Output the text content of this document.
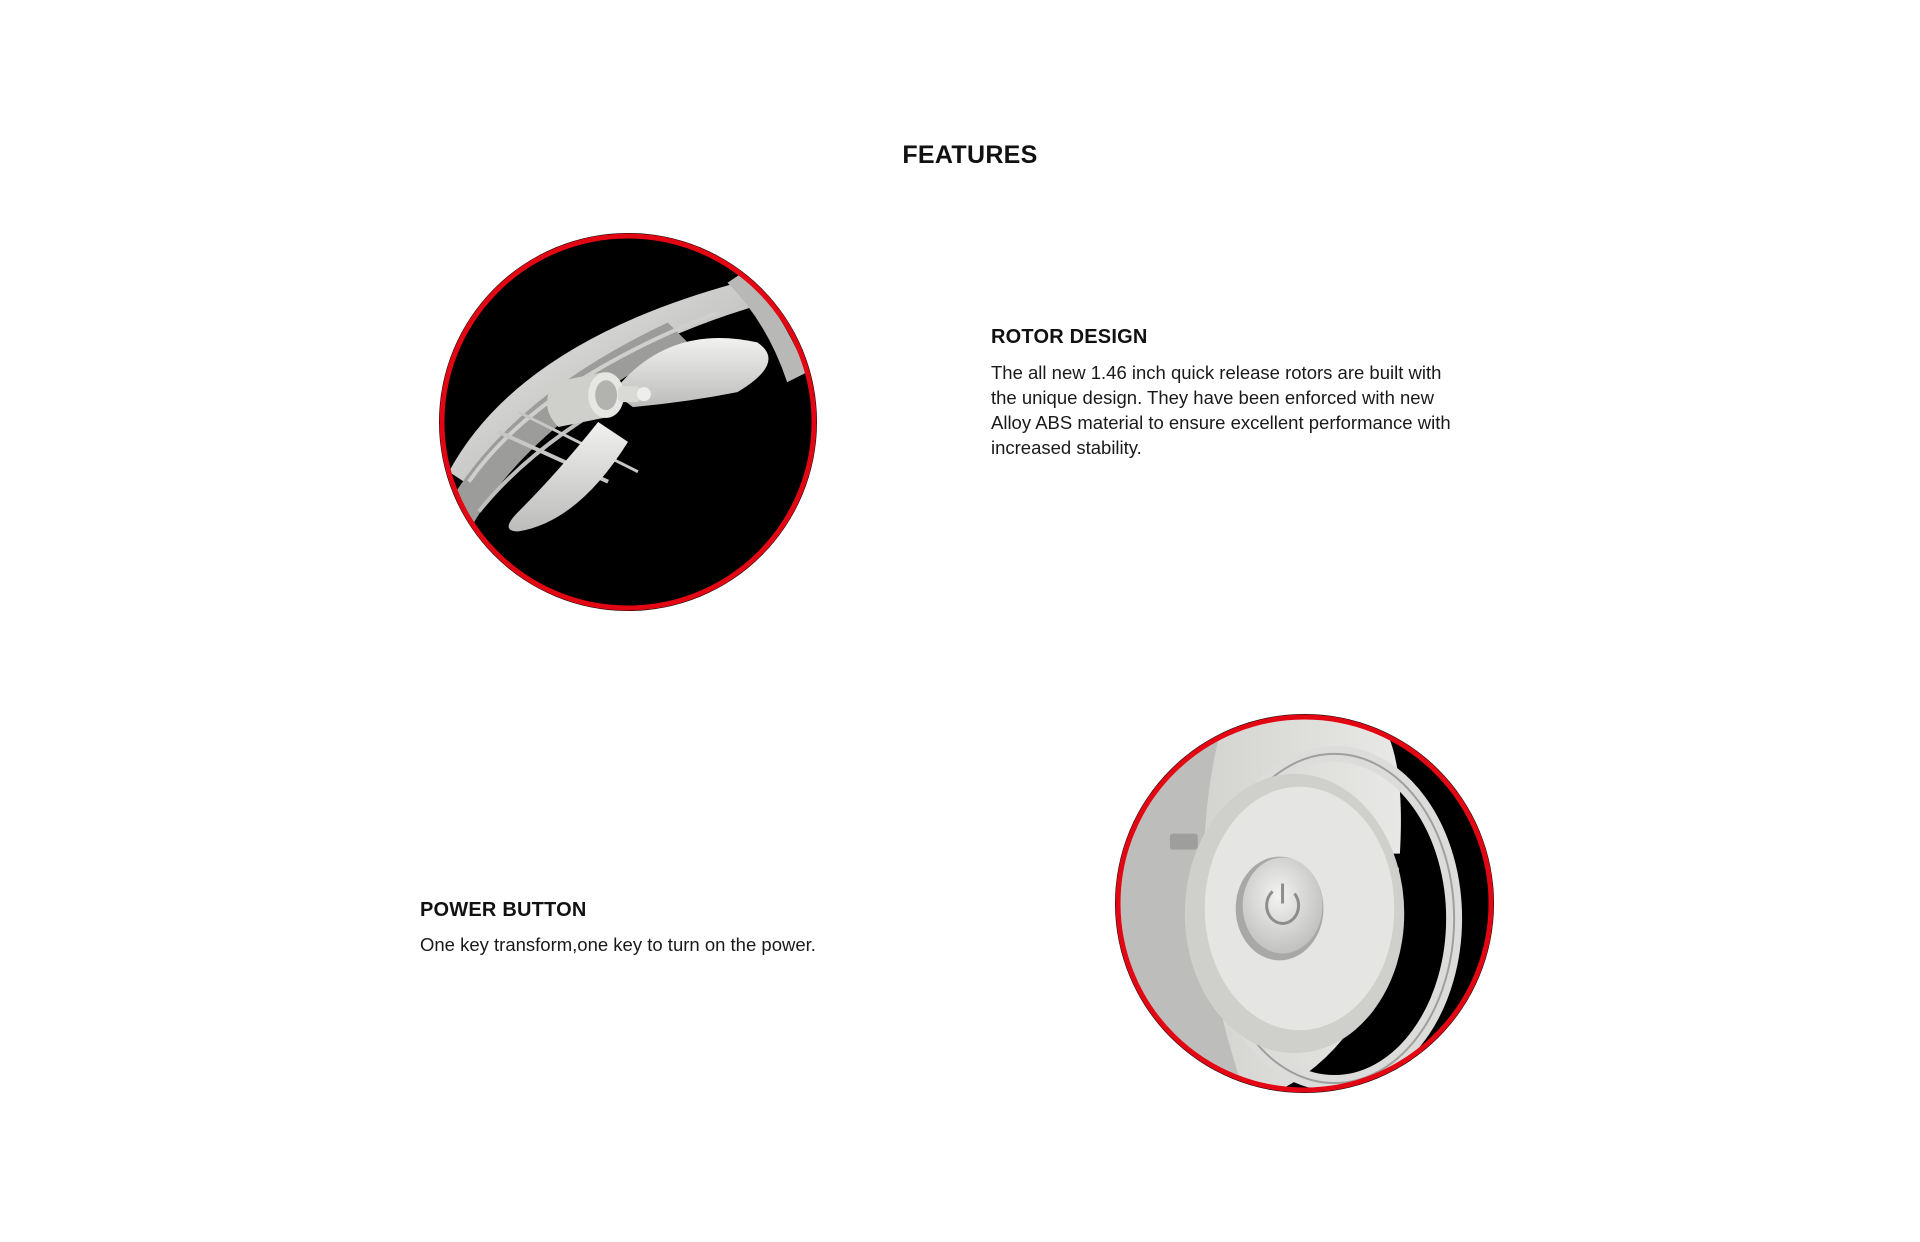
FEATURES
ROTOR DESIGN

The all new 1.46 inch quick release rotors are built with the unique design. They have been enforced with new Alloy ABS material to ensure excellent performance with increased stability.

POWER BUTTON

One key transform,one key to turn on the power.
